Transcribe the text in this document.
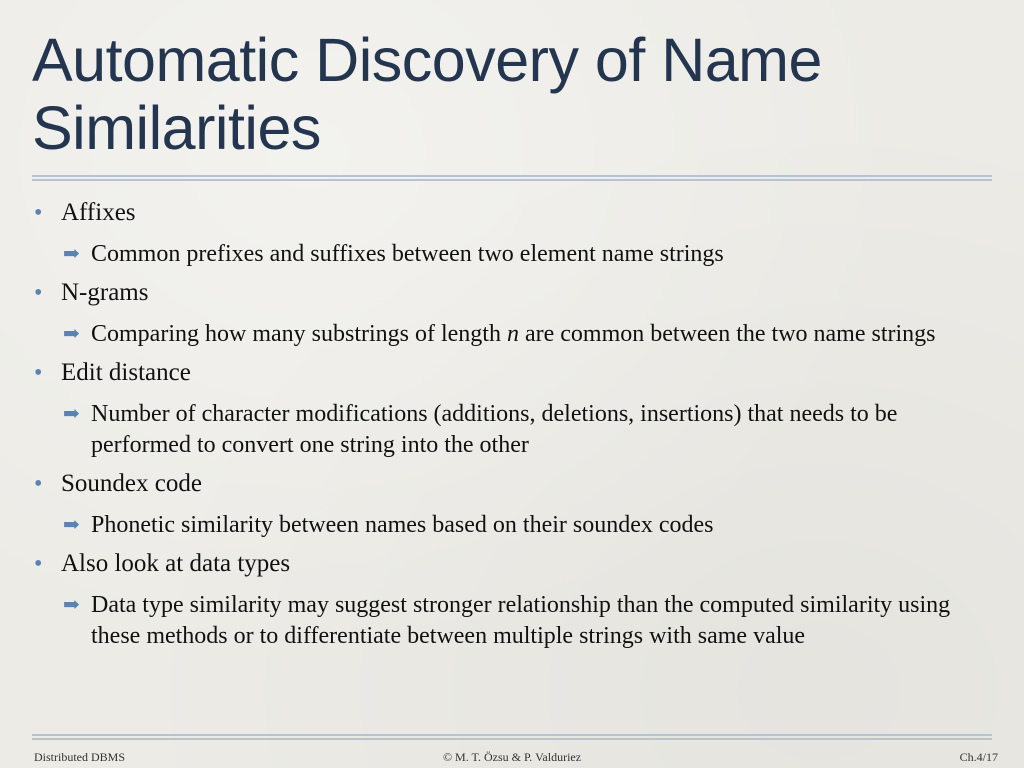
Automatic Discovery of Name
Similarities
• Affixes
➡ Common prefixes and suffixes between two element name strings
• N-grams
➡ Comparing how many substrings of length n are common between the two name strings
• Edit distance
➡ Number of character modifications (additions, deletions, insertions) that needs to be performed to convert one string into the other
• Soundex code
➡ Phonetic similarity between names based on their soundex codes
• Also look at data types
➡ Data type similarity may suggest stronger relationship than the computed similarity using these methods or to differentiate between multiple strings with same value
Distributed DBMS	© M. T. Özsu & P. Valduriez	Ch.4/17
